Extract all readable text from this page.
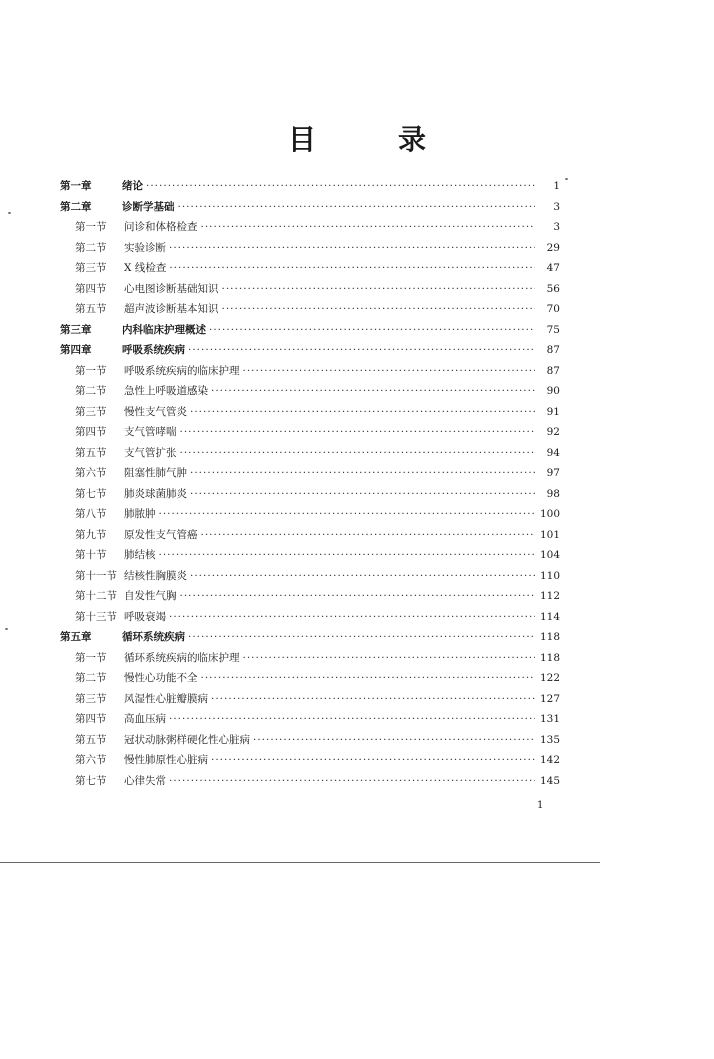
目	录
第一章	绪论 ·····	1
第二章	诊断学基础 ·····	3
第一节	问诊和体格检查 ·····	3
第二节	实验诊断 ·····	29
第三节	X 线检查 ·····	47
第四节	心电图诊断基础知识 ·····	56
第五节	超声波诊断基本知识 ·····	70
第三章	内科临床护理概述 ·····	75
第四章	呼吸系统疾病 ·····	87
第一节	呼吸系统疾病的临床护理 ·····	87
第二节	急性上呼吸道感染 ·····	90
第三节	慢性支气管炎 ·····	91
第四节	支气管哮喘 ·····	92
第五节	支气管扩张 ·····	94
第六节	阻塞性肺气肿 ·····	97
第七节	肺炎球菌肺炎 ·····	98
第八节	肺脓肿 ·····	100
第九节	原发性支气管癌 ·····	101
第十节	肺结核 ·····	104
第十一节 结核性胸膜炎 ·····	110
第十二节 自发性气胸 ·····	112
第十三节 呼吸衰竭 ·····	114
第五章	循环系统疾病 ·····	118
第一节	循环系统疾病的临床护理 ·····	118
第二节	慢性心功能不全 ·····	122
第三节	风湿性心脏瓣膜病 ·····	127
第四节	高血压病 ·····	131
第五节	冠状动脉粥样硬化性心脏病 ·····	135
第六节	慢性肺原性心脏病 ·····	142
第七节	心律失常 ·····	145
1
